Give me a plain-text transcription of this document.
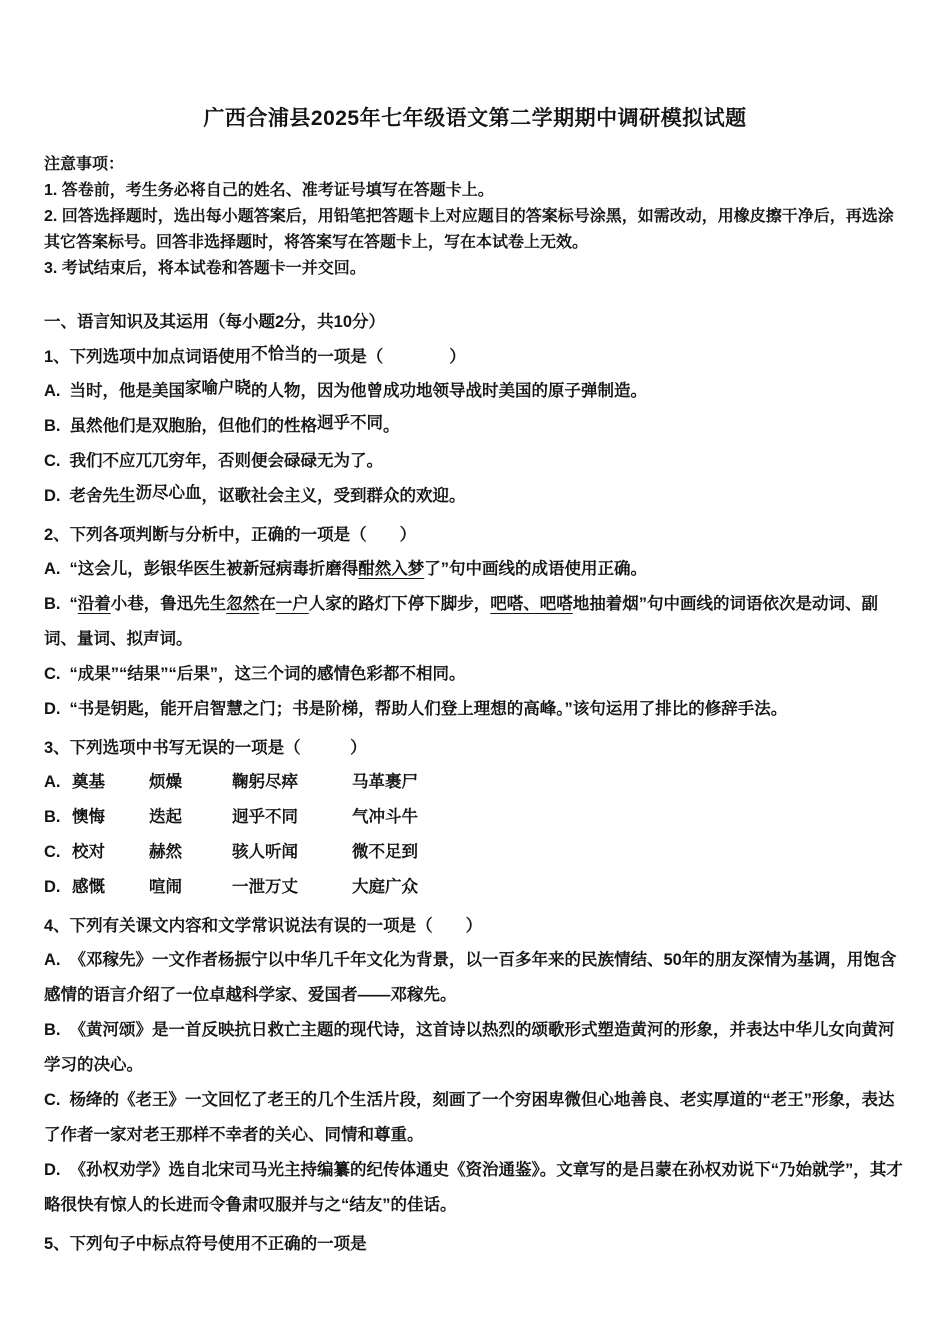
广西合浦县2025年七年级语文第二学期期中调研模拟试题
注意事项：
1. 答卷前，考生务必将自己的姓名、准考证号填写在答题卡上。
2. 回答选择题时，选出每小题答案后，用铅笔把答题卡上对应题目的答案标号涂黑，如需改动，用橡皮擦干净后，再选涂其它答案标号。回答非选择题时，将答案写在答题卡上，写在本试卷上无效。
3. 考试结束后，将本试卷和答题卡一并交回。
一、语言知识及其运用（每小题2分，共10分）
1、下列选项中加点词语使用不恰当的一项是（　　　　）
A. 当时，他是美国家喻户晓的人物，因为他曾成功地领导战时美国的原子弹制造。
B. 虽然他们是双胞胎，但他们的性格迥乎不同。
C. 我们不应兀兀穷年，否则便会碌碌无为了。
D. 老舍先生沥尽心血，讴歌社会主义，受到群众的欢迎。
2、下列各项判断与分析中，正确的一项是（　　）
A. “这会儿，彭银华医生被新冠病毒折磨得酣然入梦了”句中画线的成语使用正确。
B. “沿着小巷，鲁迅先生忽然在一户人家的路灯下停下脚步，吧嗒、吧嗒地抽着烟”句中画线的词语依次是动词、副词、量词、拟声词。
C. “成果”“结果”“后果”，这三个词的感情色彩都不相同。
D. “书是钥匙，能开启智慧之门；书是阶梯，帮助人们登上理想的高峰。”该句运用了排比的修辞手法。
3、下列选项中书写无误的一项是（　　　）
A. 奠基	烦燥	鞠躬尽瘁	马革裹尸
B. 懊悔	迭起	迥乎不同	气冲斗牛
C. 校对	赫然	骇人听闻	微不足到
D. 感慨	喧闹	一泄万丈	大庭广众
4、下列有关课文内容和文学常识说法有误的一项是（　　）
A. 《邓稼先》一文作者杨振宁以中华几千年文化为背景，以一百多年来的民族情结、50年的朋友深情为基调，用饱含感情的语言介绍了一位卓越科学家、爱国者——邓稼先。
B. 《黄河颂》是一首反映抗日救亡主题的现代诗，这首诗以热烈的颂歌形式塑造黄河的形象，并表达中华儿女向黄河学习的决心。
C. 杨绛的《老王》一文回忆了老王的几个生活片段，刻画了一个穷困卑微但心地善良、老实厚道的“老王”形象，表达了作者一家对老王那样不幸者的关心、同情和尊重。
D. 《孙权劝学》选自北宋司马光主持编纂的纪传体通史《资治通鉴》。文章写的是吕蒙在孙权劝说下“乃始就学”，其才略很快有惊人的长进而令鲁肃叹服并与之“结友”的佳话。
5、下列句子中标点符号使用不正确的一项是
